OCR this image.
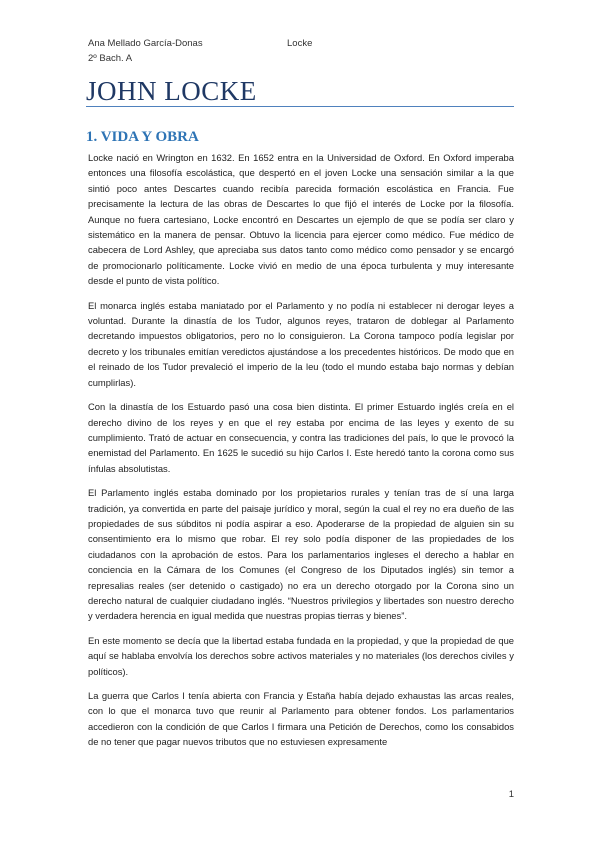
Ana Mellado García-Donas	Locke
2º Bach. A
JOHN LOCKE
1. VIDA Y OBRA

Locke nació en Wrington en 1632. En 1652 entra en la Universidad de Oxford. En Oxford imperaba entonces una filosofía escolástica, que despertó en el joven Locke una sensación similar a la que sintió poco antes Descartes cuando recibía parecida formación escolástica en Francia. Fue precisamente la lectura de las obras de Descartes lo que fijó el interés de Locke por la filosofía. Aunque no fuera cartesiano, Locke encontró en Descartes un ejemplo de que se podía ser claro y sistemático en la manera de pensar. Obtuvo la licencia para ejercer como médico. Fue médico de cabecera de Lord Ashley, que apreciaba sus datos tanto como médico como pensador y se encargó de promocionarlo políticamente. Locke vivió en medio de una época turbulenta y muy interesante desde el punto de vista político.

El monarca inglés estaba maniatado por el Parlamento y no podía ni establecer ni derogar leyes a voluntad. Durante la dinastía de los Tudor, algunos reyes, trataron de doblegar al Parlamento decretando impuestos obligatorios, pero no lo consiguieron. La Corona tampoco podía legislar por decreto y los tribunales emitían veredictos ajustándose a los precedentes históricos. De modo que en el reinado de los Tudor prevaleció el imperio de la leu (todo el mundo estaba bajo normas y debían cumplirlas).

Con la dinastía de los Estuardo pasó una cosa bien distinta. El primer Estuardo inglés creía en el derecho divino de los reyes y en que el rey estaba por encima de las leyes y exento de su cumplimiento. Trató de actuar en consecuencia, y contra las tradiciones del país, lo que le provocó la enemistad del Parlamento. En 1625 le sucedió su hijo Carlos I. Este heredó tanto la corona como sus ínfulas absolutistas.

El Parlamento inglés estaba dominado por los propietarios rurales y tenían tras de sí una larga tradición, ya convertida en parte del paisaje jurídico y moral, según la cual el rey no era dueño de las propiedades de sus súbditos ni podía aspirar a eso. Apoderarse de la propiedad de alguien sin su consentimiento era lo mismo que robar. El rey solo podía disponer de las propiedades de los ciudadanos con la aprobación de estos. Para los parlamentarios ingleses el derecho a hablar en conciencia en la Cámara de los Comunes (el Congreso de los Diputados inglés) sin temor a represalias reales (ser detenido o castigado) no era un derecho otorgado por la Corona sino un derecho natural de cualquier ciudadano inglés. “Nuestros privilegios y libertades son nuestro derecho y verdadera herencia en igual medida que nuestras propias tierras y bienes”.

En este momento se decía que la libertad estaba fundada en la propiedad, y que la propiedad de que aquí se hablaba envolvía los derechos sobre activos materiales y no materiales (los derechos civiles y políticos).

La guerra que Carlos I tenía abierta con Francia y Estaña había dejado exhaustas las arcas reales, con lo que el monarca tuvo que reunir al Parlamento para obtener fondos. Los parlamentarios accedieron con la condición de que Carlos I firmara una Petición de Derechos, como los consabidos de no tener que pagar nuevos tributos que no estuviesen expresamente

1
